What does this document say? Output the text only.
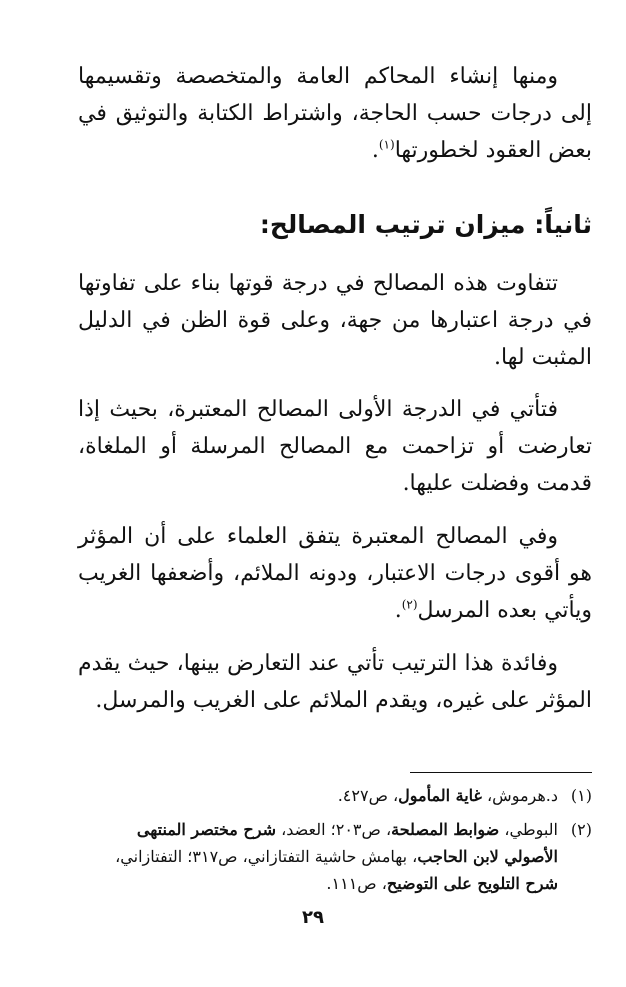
ومنها إنشاء المحاكم العامة والمتخصصة وتقسيمها إلى درجات حسب الحاجة، واشتراط الكتابة والتوثيق في بعض العقود لخطورتها$^{(١)}$.

ثانياً: ميزان ترتيب المصالح:

تتفاوت هذه المصالح في درجة قوتها بناء على تفاوتها في درجة اعتبارها من جهة، وعلى قوة الظن في الدليل المثبت لها.

فتأتي في الدرجة الأولى المصالح المعتبرة، بحيث إذا تعارضت أو تزاحمت مع المصالح المرسلة أو الملغاة، قدمت وفضلت عليها.

وفي المصالح المعتبرة يتفق العلماء على أن المؤثر هو أقوى درجات الاعتبار، ودونه الملائم، وأضعفها الغريب ويأتي بعده المرسل$^{(٢)}$.

وفائدة هذا الترتيب تأتي عند التعارض بينها، حيث يقدم المؤثر على غيره، ويقدم الملائم على الغريب والمرسل.

(١)د.هرموش، غاية المأمول، ص٤٢٧.
(٢)البوطي، ضوابط المصلحة، ص٢٠٣؛ العضد، شرح مختصر المنتهى
الأصولي لابن الحاجب، بهامش حاشية التفتازاني، ص٣١٧؛ التفتازاني،
شرح التلويح على التوضيح، ص١١١.
٢٩
